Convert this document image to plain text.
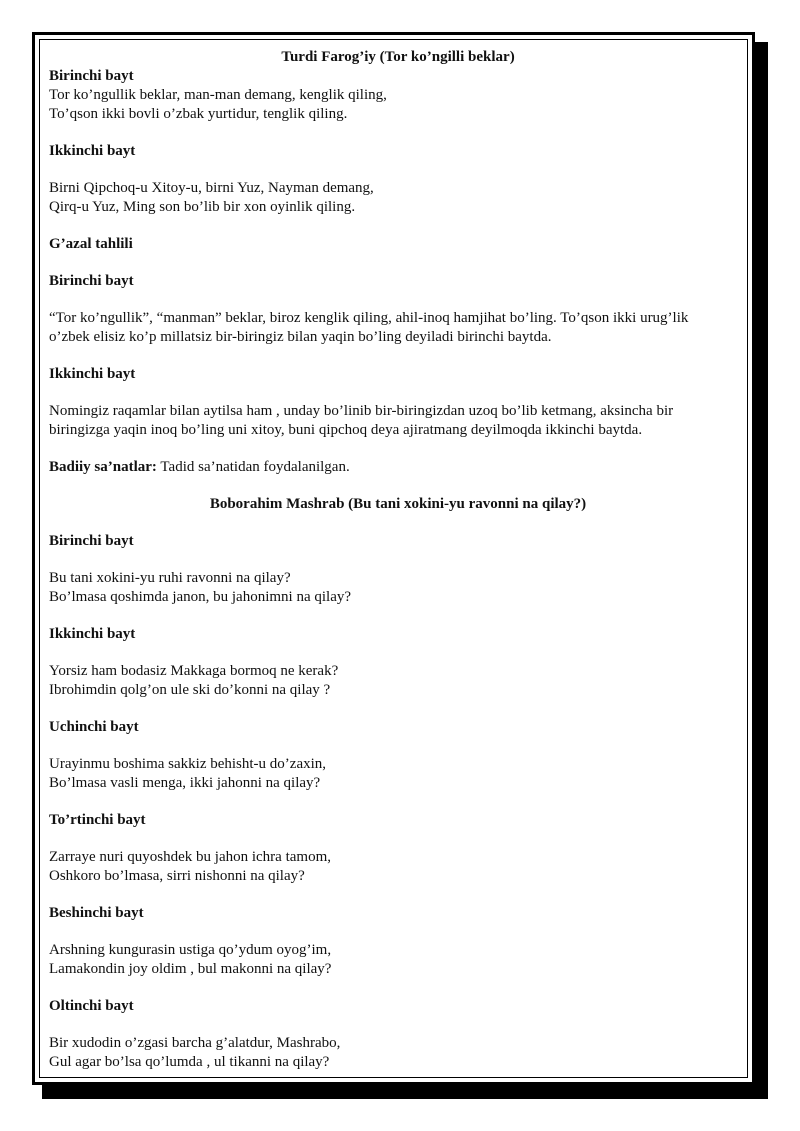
Turdi Farog’iy (Tor ko’ngilli beklar)

Birinchi bayt

Tor ko’ngullik beklar, man-man demang, kenglik qiling,

To’qson ikki bovli o’zbak yurtidur, tenglik qiling.

Ikkinchi bayt

Birni Qipchoq-u Xitoy-u, birni Yuz, Nayman demang,

Qirq-u Yuz, Ming son bo’lib bir xon oyinlik qiling.

G’azal tahlili

Birinchi bayt

“Tor ko’ngullik”, “manman” beklar, biroz kenglik qiling, ahil-inoq hamjihat bo’ling. To’qson ikki urug’lik

o’zbek elisiz ko’p millatsiz bir-biringiz bilan yaqin bo’ling deyiladi birinchi baytda.

Ikkinchi bayt

Nomingiz raqamlar bilan aytilsa ham , unday bo’linib bir-biringizdan uzoq bo’lib ketmang, aksincha bir

biringizga yaqin inoq bo’ling uni xitoy, buni qipchoq deya ajiratmang deyilmoqda ikkinchi baytda.

Badiiy sa’natlar: Tadid sa’natidan foydalanilgan.

Boborahim Mashrab (Bu tani xokini-yu ravonni na qilay?)

Birinchi bayt

Bu tani xokini-yu ruhi ravonni na qilay?

Bo’lmasa qoshimda janon, bu jahonimni na qilay?

Ikkinchi bayt

Yorsiz ham bodasiz Makkaga bormoq ne kerak?

Ibrohimdin qolg’on ule ski do’konni na qilay ?

Uchinchi bayt

Urayinmu boshima sakkiz behisht-u do’zaxin,

Bo’lmasa vasli menga, ikki jahonni na qilay?

To’rtinchi bayt

Zarraye nuri quyoshdek bu jahon ichra tamom,

Oshkoro bo’lmasa, sirri nishonni na qilay?

Beshinchi bayt

Arshning kungurasin ustiga qo’ydum oyog’im,

Lamakondin joy oldim , bul makonni na qilay?

Oltinchi bayt

Bir xudodin o’zgasi barcha g’alatdur, Mashrabo,

Gul agar bo’lsa qo’lumda , ul tikanni na qilay?
